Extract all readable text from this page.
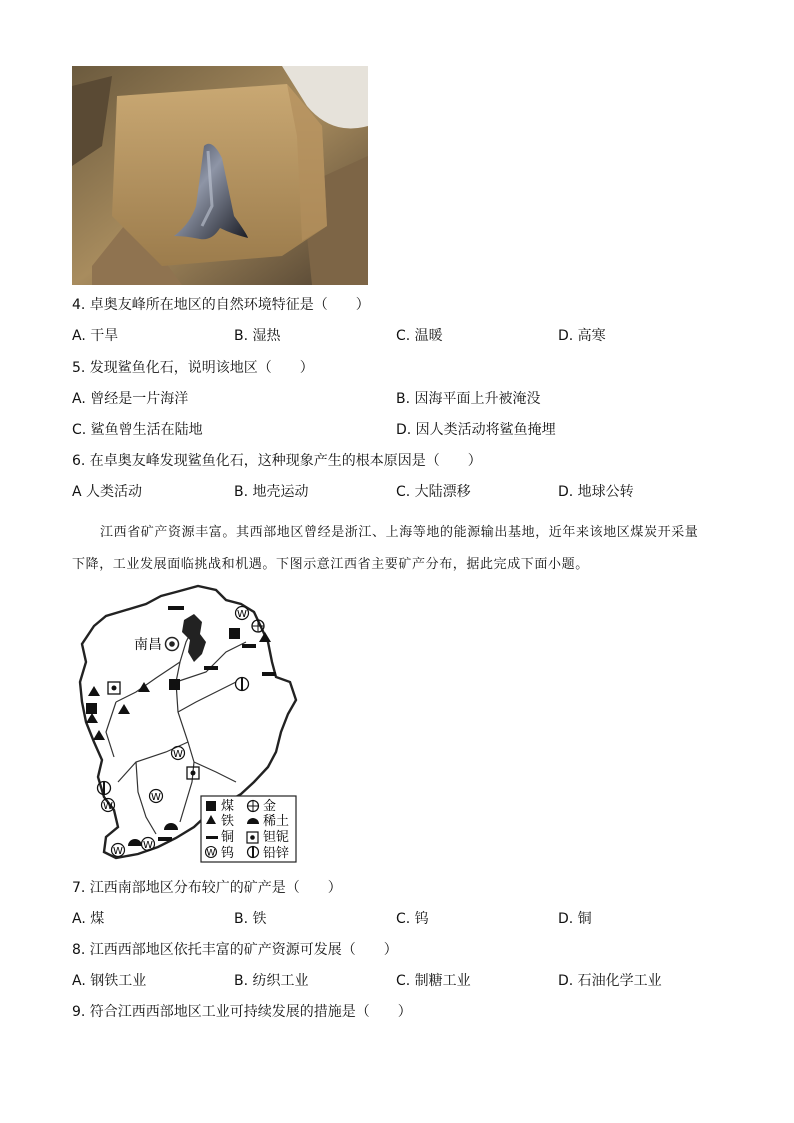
4. 卓奥友峰所在地区的自然环境特征是（　　）
A. 干旱	B. 湿热	C. 温暖	D. 高寒
5. 发现鲨鱼化石，说明该地区（　　）
A. 曾经是一片海洋	B. 因海平面上升被淹没
C. 鲨鱼曾生活在陆地	D. 因人类活动将鲨鱼掩埋
6. 在卓奥友峰发现鲨鱼化石，这种现象产生的根本原因是（　　）
A 人类活动	B. 地壳运动	C. 大陆漂移	D. 地球公转
江西省矿产资源丰富。其西部地区曾经是浙江、上海等地的能源输出基地，近年来该地区煤炭开采量
下降，工业发展面临挑战和机遇。下图示意江西省主要矿产分布，据此完成下面小题。
南昌
W
W
W
W
W
W
煤 金
铁 稀土
铜 钽铌
W 钨 铅锌
7. 江西南部地区分布较广的矿产是（　　）
A. 煤	B. 铁	C. 钨	D. 铜
8. 江西西部地区依托丰富的矿产资源可发展（　　）
A. 钢铁工业	B. 纺织工业	C. 制糖工业	D. 石油化学工业
9. 符合江西西部地区工业可持续发展的措施是（　　）
